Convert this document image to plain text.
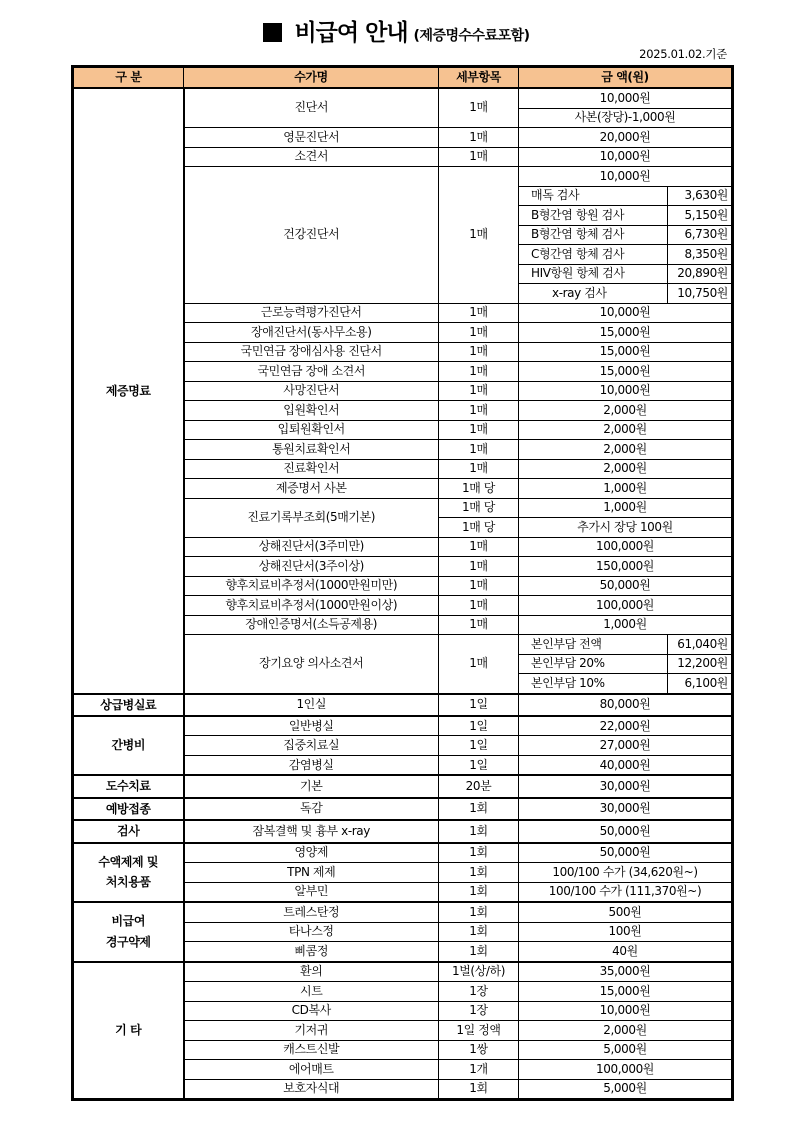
비급여 안내 (제증명수수료포함)
2025.01.02.기준
구 분	수가명	세부항목	금 액(원)	
제증명료	진단서	1매	10,000원	
			사본(장당)-1,000원	
	영문진단서	1매	20,000원	
	소견서	1매	10,000원	
	건강진단서	1매	10,000원	
			매독 검사	3,630원
			B형간염 항원 검사	5,150원
			B형간염 항체 검사	6,730원
			C형간염 항체 검사	8,350원
			HIV항원 항체 검사	20,890원
			x-ray 검사	10,750원
	근로능력평가진단서	1매	10,000원	
	장애진단서(동사무소용)	1매	15,000원	
	국민연금 장애심사용 진단서	1매	15,000원	
	국민연금 장애 소견서	1매	15,000원	
	사망진단서	1매	10,000원	
	입원확인서	1매	2,000원	
	입퇴원확인서	1매	2,000원	
	통원치료확인서	1매	2,000원	
	진료확인서	1매	2,000원	
	제증명서 사본	1매 당	1,000원	
	진료기록부조회(5매기본)	1매 당	1,000원	
		1매 당	추가시 장당 100원	
	상해진단서(3주미만)	1매	100,000원	
	상해진단서(3주이상)	1매	150,000원	
	향후치료비추정서(1000만원미만)	1매	50,000원	
	향후치료비추정서(1000만원이상)	1매	100,000원	
	장애인증명서(소득공제용)	1매	1,000원	
	장기요양 의사소견서	1매	본인부담 전액	61,040원
			본인부담 20%	12,200원
			본인부담 10%	6,100원
상급병실료	1인실	1일	80,000원	
간병비	일반병실	1일	22,000원	
	집중치료실	1일	27,000원	
	감염병실	1일	40,000원	
도수치료	기본	20분	30,000원	
예방접종	독감	1회	30,000원	
검사	잠복결핵 및 흉부 x-ray	1회	50,000원	
수액제제 및
처치용품	영양제	1회	50,000원	
	TPN 제제	1회	100/100 수가 (34,620원~)	
	알부민	1회	100/100 수가 (111,370원~)	
비급여
경구약제	트레스탄정	1회	500원	
	타나스정	1회	100원	
	삐콤정	1회	40원	
기 타	환의	1벌(상/하)	35,000원	
	시트	1장	15,000원	
	CD복사	1장	10,000원	
	기저귀	1일 정액	2,000원	
	캐스트신발	1쌍	5,000원	
	에어매트	1개	100,000원	
	보호자식대	1회	5,000원	
